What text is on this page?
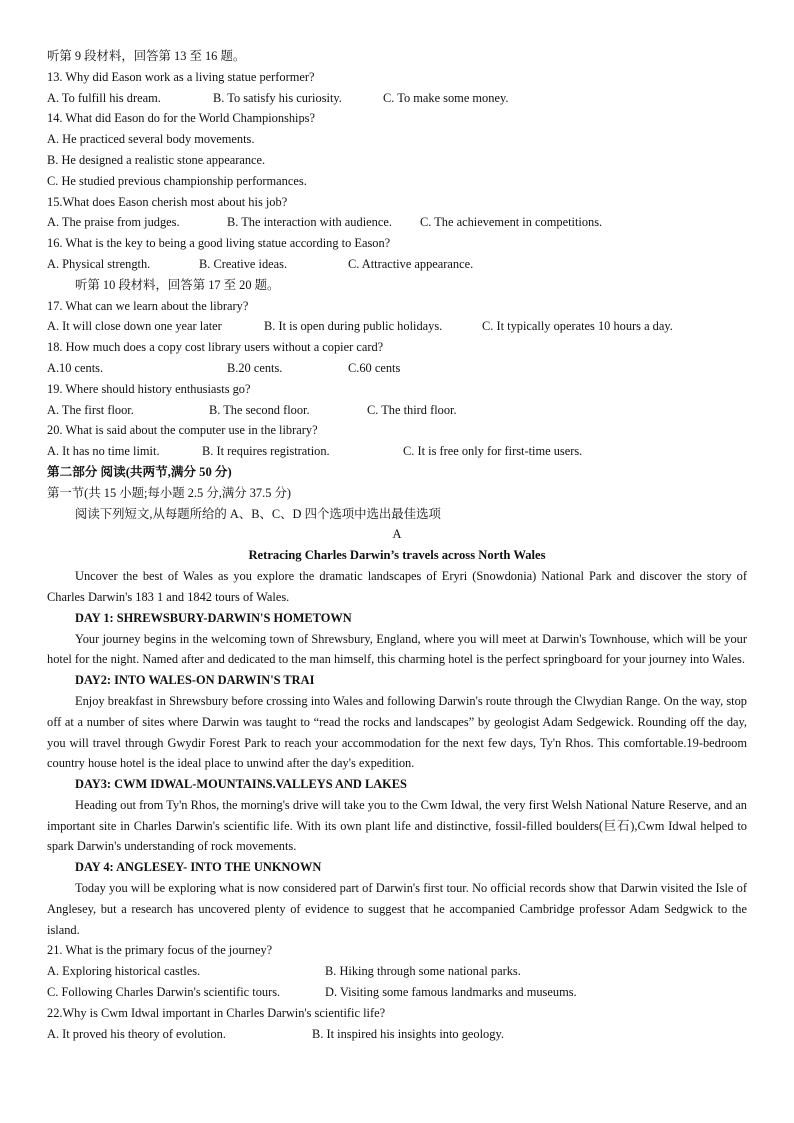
听第 9 段材料，回答第 13 至 16 题。
13. Why did Eason work as a living statue performer?
A. To fulfill his dream.	B. To satisfy his curiosity.	C. To make some money.
14. What did Eason do for the World Championships?
A. He practiced several body movements.
B. He designed a realistic stone appearance.
C. He studied previous championship performances.
15.What does Eason cherish most about his job?
A. The praise from judges.	B. The interaction with audience.	C. The achievement in competitions.
16. What is the key to being a good living statue according to Eason?
A. Physical strength.	B. Creative ideas.	C. Attractive appearance.
听第 10 段材料，回答第 17 至 20 题。
17. What can we learn about the library?
A. It will close down one year later	B. It is open during public holidays.	C. It typically operates 10 hours a day.
18. How much does a copy cost library users without a copier card?
A.10 cents.	B.20 cents.	C.60 cents
19. Where should history enthusiasts go?
A. The first floor.	B. The second floor.	C. The third floor.
20. What is said about the computer use in the library?
A. It has no time limit.	B. It requires registration.	C. It is free only for first-time users.
第二部分 阅读(共两节,满分 50 分)
第一节(共 15 小题;每小题 2.5 分,满分 37.5 分)
阅读下列短文,从每题所给的 A、B、C、D 四个选项中选出最佳选项
A
Retracing Charles Darwin’s travels across North Wales

Uncover the best of Wales as you explore the dramatic landscapes of Eryri (Snowdonia) National Park and discover the story of Charles Darwin's 183 1 and 1842 tours of Wales.

DAY 1: SHREWSBURY-DARWIN'S HOMETOWN

Your journey begins in the welcoming town of Shrewsbury, England, where you will meet at Darwin's Townhouse, which will be your hotel for the night. Named after and dedicated to the man himself, this charming hotel is the perfect springboard for your journey into Wales.

DAY2: INTO WALES-ON DARWIN'S TRAI

Enjoy breakfast in Shrewsbury before crossing into Wales and following Darwin's route through the Clwydian Range. On the way, stop off at a number of sites where Darwin was taught to “read the rocks and landscapes” by geologist Adam Sedgewick. Rounding off the day, you will travel through Gwydir Forest Park to reach your accommodation for the next few days, Ty'n Rhos. This comfortable.19-bedroom country house hotel is the ideal place to unwind after the day's expedition.

DAY3: CWM IDWAL-MOUNTAINS.VALLEYS AND LAKES

Heading out from Ty'n Rhos, the morning's drive will take you to the Cwm Idwal, the very first Welsh National Nature Reserve, and an important site in Charles Darwin's scientific life. With its own plant life and distinctive, fossil-filled boulders(巨石),Cwm Idwal helped to spark Darwin's understanding of rock movements.

DAY 4: ANGLESEY- INTO THE UNKNOWN

Today you will be exploring what is now considered part of Darwin's first tour. No official records show that Darwin visited the Isle of Anglesey, but a research has uncovered plenty of evidence to suggest that he accompanied Cambridge professor Adam Sedgwick to the island.

21. What is the primary focus of the journey?
A. Exploring historical castles.	B. Hiking through some national parks.
C. Following Charles Darwin's scientific tours.	D. Visiting some famous landmarks and museums.
22.Why is Cwm Idwal important in Charles Darwin's scientific life?
A. It proved his theory of evolution.	B. It inspired his insights into geology.
